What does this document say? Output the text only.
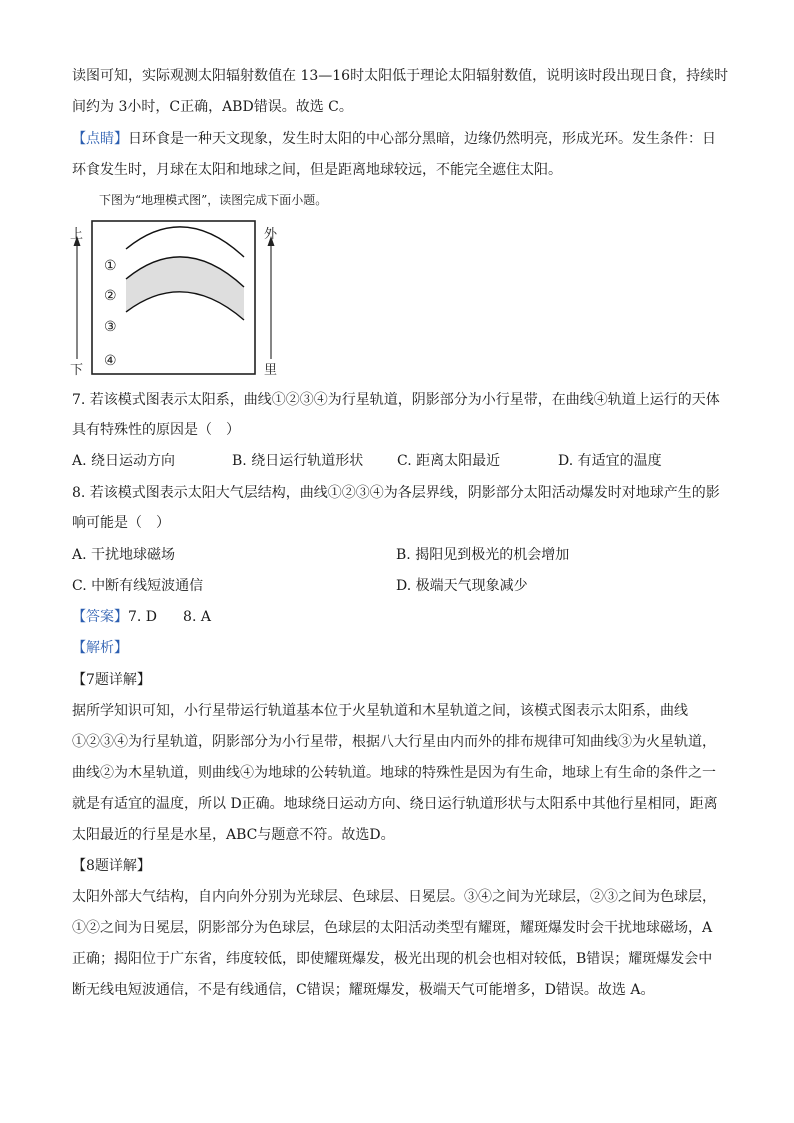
读图可知，实际观测太阳辐射数值在 13—16时太阳低于理论太阳辐射数值，说明该时段出现日食，持续时
间约为 3小时，C正确，ABD错误。故选 C。
【点睛】日环食是一种天文现象，发生时太阳的中心部分黑暗，边缘仍然明亮，形成光环。发生条件：日
环食发生时，月球在太阳和地球之间，但是距离地球较远，不能完全遮住太阳。
下图为“地理模式图”，读图完成下面小题。
上
下
外
里
①
②
③
④
7. 若该模式图表示太阳系，曲线①②③④为行星轨道，阴影部分为小行星带，在曲线④轨道上运行的天体
具有特殊性的原因是（　）
A. 绕日运动方向	B. 绕日运行轨道形状 C. 距离太阳最近	D. 有适宜的温度
8. 若该模式图表示太阳大气层结构，曲线①②③④为各层界线，阴影部分太阳活动爆发时对地球产生的影
响可能是（　）
A. 干扰地球磁场	B. 揭阳见到极光的机会增加
C. 中断有线短波通信	D. 极端天气现象减少
【答案】7. D 8. A
【解析】
【7题详解】
据所学知识可知，小行星带运行轨道基本位于火星轨道和木星轨道之间，该模式图表示太阳系，曲线
①②③④为行星轨道，阴影部分为小行星带，根据八大行星由内而外的排布规律可知曲线③为火星轨道，
曲线②为木星轨道，则曲线④为地球的公转轨道。地球的特殊性是因为有生命，地球上有生命的条件之一
就是有适宜的温度，所以 D正确。地球绕日运动方向、绕日运行轨道形状与太阳系中其他行星相同，距离
太阳最近的行星是水星，ABC与题意不符。故选D。
【8题详解】
太阳外部大气结构，自内向外分别为光球层、色球层、日冕层。③④之间为光球层，②③之间为色球层，
①②之间为日冕层，阴影部分为色球层，色球层的太阳活动类型有耀斑，耀斑爆发时会干扰地球磁场，A
正确；揭阳位于广东省，纬度较低，即使耀斑爆发，极光出现的机会也相对较低，B错误；耀斑爆发会中
断无线电短波通信，不是有线通信，C错误；耀斑爆发，极端天气可能增多，D错误。故选 A。
